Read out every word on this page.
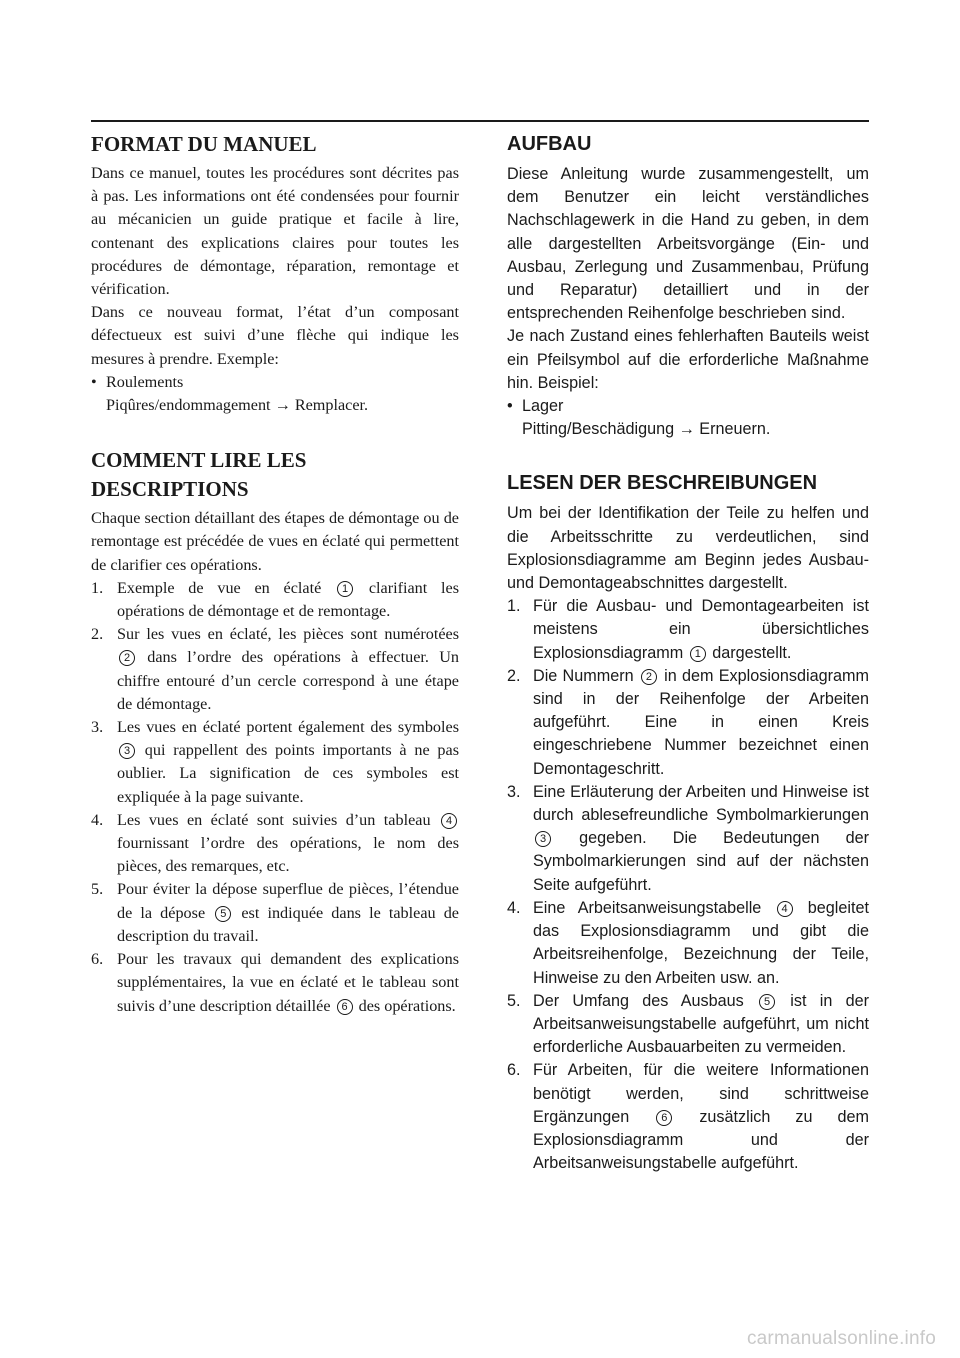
FORMAT DU MANUEL

Dans ce manuel, toutes les procédures sont décrites pas à pas. Les informations ont été condensées pour fournir au mécanicien un guide pratique et facile à lire, contenant des explications claires pour toutes les procédures de démontage, réparation, remontage et vérification.

Dans ce nouveau format, l’état d’un composant défectueux est suivi d’une flèche qui indique les mesures à prendre. Exemple:

• Roulements
Piqûres/endommagement → Remplacer.
COMMENT LIRE LES DESCRIPTIONS

Chaque section détaillant des étapes de démontage ou de remontage est précédée de vues en éclaté qui permettent de clarifier ces opérations.

1. Exemple de vue en éclaté 1 clarifiant les opérations de démontage et de remontage.
2. Sur les vues en éclaté, les pièces sont numérotées 2 dans l’ordre des opérations à effectuer. Un chiffre entouré d’un cercle correspond à une étape de démontage.
3. Les vues en éclaté portent également des symboles 3 qui rappellent des points importants à ne pas oublier. La signification de ces symboles est expliquée à la page suivante.
4. Les vues en éclaté sont suivies d’un tableau 4 fournissant l’ordre des opérations, le nom des pièces, des remarques, etc.
5. Pour éviter la dépose superflue de pièces, l’étendue de la dépose 5 est indiquée dans le tableau de description du travail.
6. Pour les travaux qui demandent des explications supplémentaires, la vue en éclaté et le tableau sont suivis d’une description détaillée 6 des opérations.
AUFBAU

Diese Anleitung wurde zusammengestellt, um dem Benutzer ein leicht verständliches Nachschlagewerk in die Hand zu geben, in dem alle dargestellten Arbeitsvorgänge (Ein- und Ausbau, Zerlegung und Zusammenbau, Prüfung und Reparatur) detailliert und in der entsprechenden Reihenfolge beschrieben sind.

Je nach Zustand eines fehlerhaften Bauteils weist ein Pfeilsymbol auf die erforderliche Maßnahme hin. Beispiel:

• Lager
Pitting/Beschädigung → Erneuern.
LESEN DER BESCHREIBUNGEN

Um bei der Identifikation der Teile zu helfen und die Arbeitsschritte zu verdeutlichen, sind Explosionsdiagramme am Beginn jedes Ausbau- und Demontageabschnittes dargestellt.

1. Für die Ausbau- und Demontagearbeiten ist meistens ein übersichtliches Explosionsdiagramm 1 dargestellt.
2. Die Nummern 2 in dem Explosionsdiagramm sind in der Reihenfolge der Arbeiten aufgeführt. Eine in einen Kreis eingeschriebene Nummer bezeichnet einen Demontageschritt.
3. Eine Erläuterung der Arbeiten und Hinweise ist durch ablesefreundliche Symbolmarkierungen 3 gegeben. Die Bedeutungen der Symbolmarkierungen sind auf der nächsten Seite aufgeführt.
4. Eine Arbeitsanweisungstabelle 4 begleitet das Explosionsdiagramm und gibt die Arbeitsreihenfolge, Bezeichnung der Teile, Hinweise zu den Arbeiten usw. an.
5. Der Umfang des Ausbaus 5 ist in der Arbeitsanweisungstabelle aufgeführt, um nicht erforderliche Ausbauarbeiten zu vermeiden.
6. Für Arbeiten, für die weitere Informationen benötigt werden, sind schrittweise Ergänzungen 6 zusätzlich zu dem Explosionsdiagramm und der Arbeitsanweisungstabelle aufgeführt.
carmanualsonline.info
